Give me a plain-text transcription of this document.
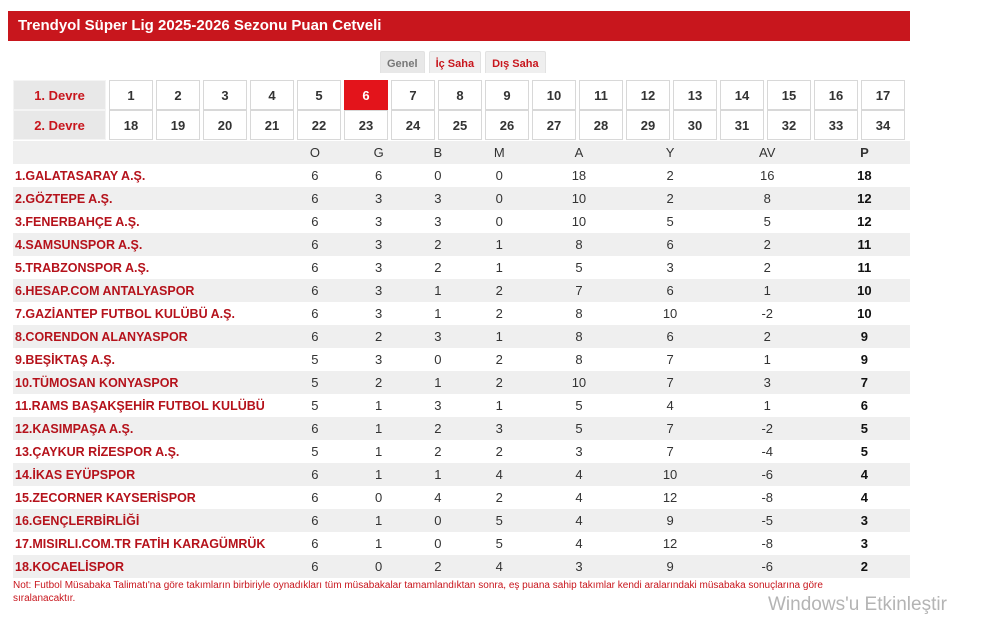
Trendyol Süper Lig 2025-2026 Sezonu Puan Cetveli
Genel	İç Saha	Dış Saha
1. Devre	1	2	3	4	5	6	7	8	9	10	11	12	13	14	15	16	17
2. Devre	18	19	20	21	22	23	24	25	26	27	28	29	30	31	32	33	34
	O	G	B	M	A	Y	AV	P
1.GALATASARAY A.Ş.	6	6	0	0	18	2	16	18
2.GÖZTEPE A.Ş.	6	3	3	0	10	2	8	12
3.FENERBAHÇE A.Ş.	6	3	3	0	10	5	5	12
4.SAMSUNSPOR A.Ş.	6	3	2	1	8	6	2	11
5.TRABZONSPOR A.Ş.	6	3	2	1	5	3	2	11
6.HESAP.COM ANTALYASPOR	6	3	1	2	7	6	1	10
7.GAZİANTEP FUTBOL KULÜBÜ A.Ş.	6	3	1	2	8	10	-2	10
8.CORENDON ALANYASPOR	6	2	3	1	8	6	2	9
9.BEŞİKTAŞ A.Ş.	5	3	0	2	8	7	1	9
10.TÜMOSAN KONYASPOR	5	2	1	2	10	7	3	7
11.RAMS BAŞAKŞEHİR FUTBOL KULÜBÜ	5	1	3	1	5	4	1	6
12.KASIMPAŞA A.Ş.	6	1	2	3	5	7	-2	5
13.ÇAYKUR RİZESPOR A.Ş.	5	1	2	2	3	7	-4	5
14.İKAS EYÜPSPOR	6	1	1	4	4	10	-6	4
15.ZECORNER KAYSERİSPOR	6	0	4	2	4	12	-8	4
16.GENÇLERBİRLİĞİ	6	1	0	5	4	9	-5	3
17.MISIRLI.COM.TR FATİH KARAGÜMRÜK	6	1	0	5	4	12	-8	3
18.KOCAELİSPOR	6	0	2	4	3	9	-6	2
Not: Futbol Müsabaka Talimatı'na göre takımların birbiriyle oynadıkları tüm müsabakalar tamamlandıktan sonra, eş puana sahip takımlar kendi aralarındaki müsabaka sonuçlarına göre sıralanacaktır.	Windows'u Etkinleştir
